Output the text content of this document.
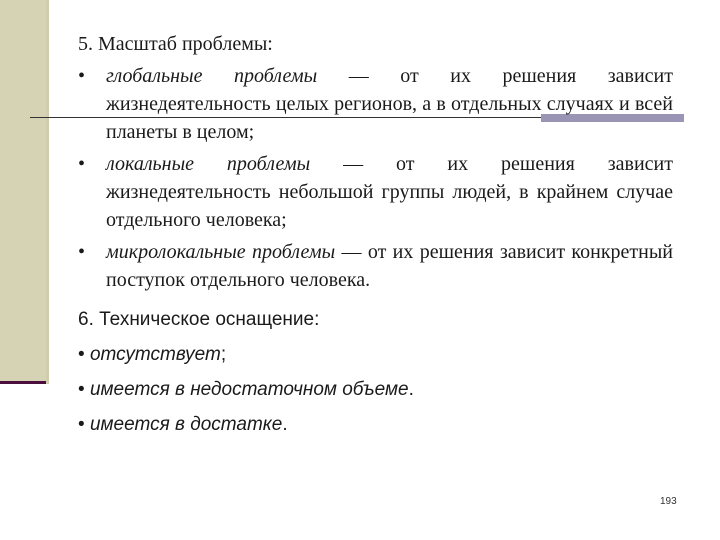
5. Масштаб проблемы:

• глобальные проблемы — от их решения зависит жизнедеятельность целых регионов, а в отдельных случаях и всей планеты в целом;
• локальные проблемы — от их решения зависит жизнедеятельность небольшой группы людей, в крайнем случае отдельного человека;
• микролокальные проблемы — от их решения зависит конкретный поступок отдельного человека.

6. Техническое оснащение:

• отсутствует;
• имеется в недостаточном объеме.
• имеется в достатке.
193
